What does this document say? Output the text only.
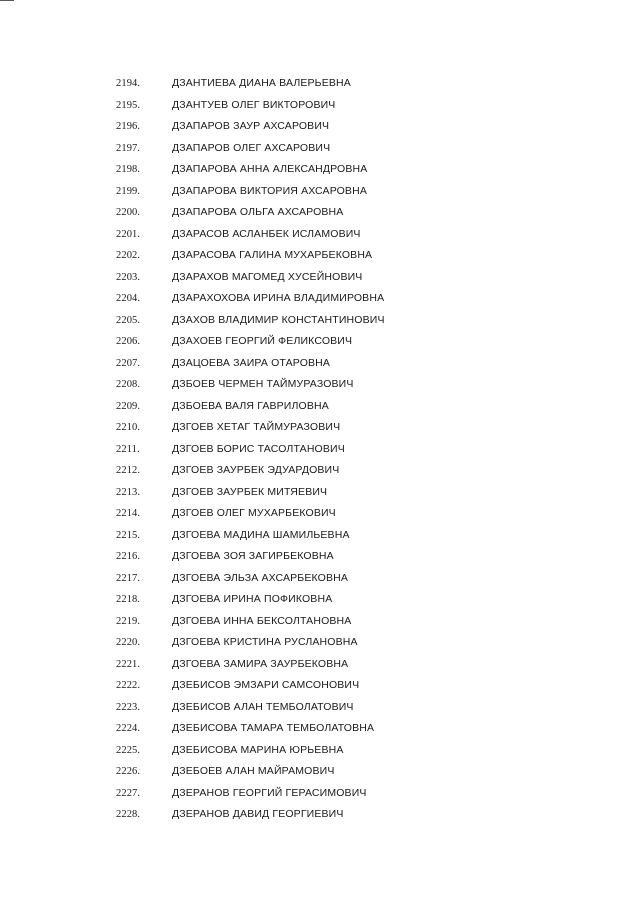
2194.	ДЗАНТИЕВА ДИАНА ВАЛЕРЬЕВНА
2195.	ДЗАНТУЕВ ОЛЕГ ВИКТОРОВИЧ
2196.	ДЗАПАРОВ ЗАУР АХСАРОВИЧ
2197.	ДЗАПАРОВ ОЛЕГ АХСАРОВИЧ
2198.	ДЗАПАРОВА АННА АЛЕКСАНДРОВНА
2199.	ДЗАПАРОВА ВИКТОРИЯ АХСАРОВНА
2200.	ДЗАПАРОВА ОЛЬГА АХСАРОВНА
2201.	ДЗАРАСОВ АСЛАНБЕК ИСЛАМОВИЧ
2202.	ДЗАРАСОВА ГАЛИНА МУХАРБЕКОВНА
2203.	ДЗАРАХОВ МАГОМЕД ХУСЕЙНОВИЧ
2204.	ДЗАРАХОХОВА ИРИНА ВЛАДИМИРОВНА
2205.	ДЗАХОВ ВЛАДИМИР КОНСТАНТИНОВИЧ
2206.	ДЗАХОЕВ ГЕОРГИЙ ФЕЛИКСОВИЧ
2207.	ДЗАЦОЕВА ЗАИРА ОТАРОВНА
2208.	ДЗБОЕВ ЧЕРМЕН ТАЙМУРАЗОВИЧ
2209.	ДЗБОЕВА ВАЛЯ ГАВРИЛОВНА
2210.	ДЗГОЕВ ХЕТАГ ТАЙМУРАЗОВИЧ
2211.	ДЗГОЕВ БОРИС ТАСОЛТАНОВИЧ
2212.	ДЗГОЕВ ЗАУРБЕК ЭДУАРДОВИЧ
2213.	ДЗГОЕВ ЗАУРБЕК МИТЯЕВИЧ
2214.	ДЗГОЕВ ОЛЕГ МУХАРБЕКОВИЧ
2215.	ДЗГОЕВА МАДИНА ШАМИЛЬЕВНА
2216.	ДЗГОЕВА ЗОЯ ЗАГИРБЕКОВНА
2217.	ДЗГОЕВА ЭЛЬЗА АХСАРБЕКОВНА
2218.	ДЗГОЕВА ИРИНА ПОФИКОВНА
2219.	ДЗГОЕВА ИННА БЕКСОЛТАНОВНА
2220.	ДЗГОЕВА КРИСТИНА РУСЛАНОВНА
2221.	ДЗГОЕВА ЗАМИРА ЗАУРБЕКОВНА
2222.	ДЗЕБИСОВ ЭМЗАРИ САМСОНОВИЧ
2223.	ДЗЕБИСОВ АЛАН ТЕМБОЛАТОВИЧ
2224.	ДЗЕБИСОВА ТАМАРА ТЕМБОЛАТОВНА
2225.	ДЗЕБИСОВА МАРИНА ЮРЬЕВНА
2226.	ДЗЕБОЕВ АЛАН МАЙРАМОВИЧ
2227.	ДЗЕРАНОВ ГЕОРГИЙ ГЕРАСИМОВИЧ
2228.	ДЗЕРАНОВ ДАВИД ГЕОРГИЕВИЧ
